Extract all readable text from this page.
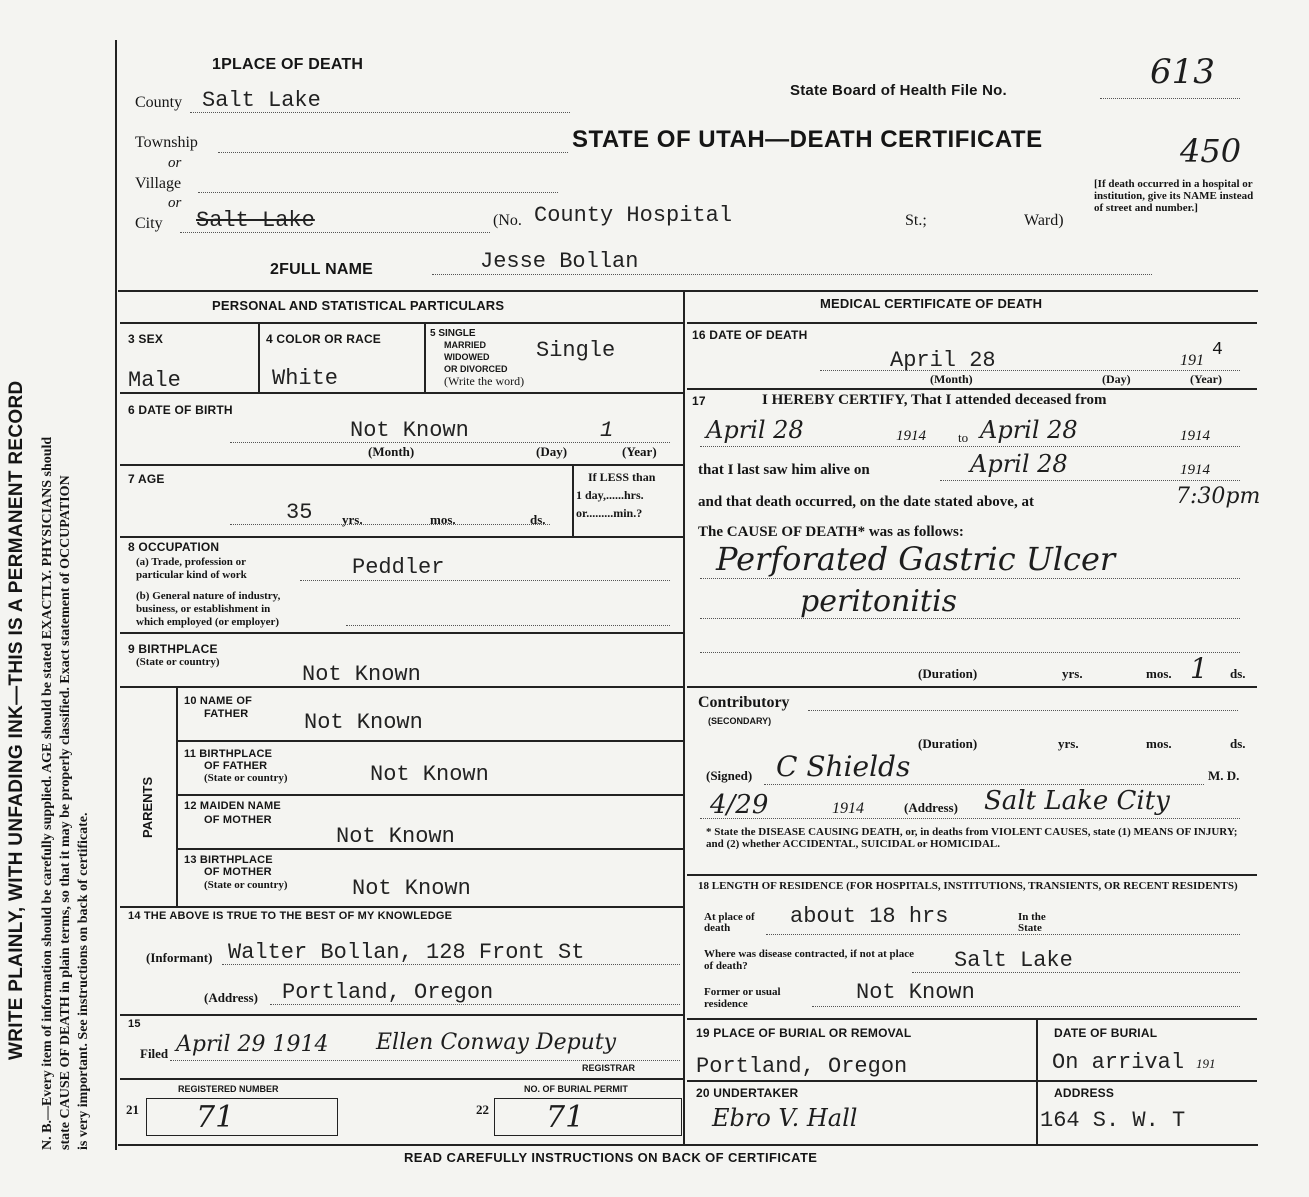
WRITE PLAINLY, WITH UNFADING INK—THIS IS A PERMANENT RECORD N. B.—Every item of information should be carefully supplied. AGE should be stated EXACTLY. PHYSICIANS should state CAUSE OF DEATH in plain terms, so that it may be properly classified. Exact statement of OCCUPATION is very important. See instructions on back of certificate.
1PLACE OF DEATH
State Board of Health File No.	613
STATE OF UTAH—DEATH CERTIFICATE	450
County Salt Lake
Township
or
Village
or
City Salt Lake	(No. County Hospital	St.;	Ward)
[If death occurred in a hospital or institution, give its NAME instead of street and number.]
2FULL NAME	Jesse Bollan
PERSONAL AND STATISTICAL PARTICULARS	MEDICAL CERTIFICATE OF DEATH
3 SEX
Male
4 COLOR OR RACE
White
5 SINGLE
MARRIED
WIDOWED
OR DIVORCED
(Write the word)
Single
6 DATE OF BIRTH
Not Known	1
(Month)	(Day)	(Year)
7 AGE
35 yrs.	mos.	ds.
If LESS than
1 day,......hrs.
or.........min.?
8 OCCUPATION
(a) Trade, profession or
particular kind of work	Peddler
(b) General nature of industry,
business, or establishment in
which employed (or employer)
9 BIRTHPLACE
(State or country)	Not Known
PARENTS
10 NAME OF
FATHER	Not Known
11 BIRTHPLACE
OF FATHER
(State or country)	Not Known
12 MAIDEN NAME
OF MOTHER
Not Known
13 BIRTHPLACE
OF MOTHER
(State or country)	Not Known
14 THE ABOVE IS TRUE TO THE BEST OF MY KNOWLEDGE
(Informant) Walter Bollan, 128 Front St
(Address) Portland, Oregon
15
Filed April 29 1914 Ellen Conway Deputy
REGISTRAR
REGISTERED NUMBER
21 71
NO. OF BURIAL PERMIT
22 71
16 DATE OF DEATH
April 28	191
4
(Month)	(Day)	(Year)
17	I HEREBY CERTIFY, That I attended deceased from
April 28	1914 to April 28	1914
that I last saw him alive on	April 28	1914
and that death occurred, on the date stated above, at	7:30pm
The CAUSE OF DEATH* was as follows:
Perforated Gastric Ulcer
peritonitis
(Duration)	yrs.	mos. 1 ds.
Contributory
(SECONDARY)
(Duration)	yrs.	mos.	ds.
(Signed) C Shields	M. D.
4/29	1914	(Address) Salt Lake City
* State the DISEASE CAUSING DEATH, or, in deaths from VIOLENT CAUSES, state (1) MEANS OF INJURY; and (2) whether ACCIDENTAL, SUICIDAL or HOMICIDAL.
18 LENGTH OF RESIDENCE (FOR HOSPITALS, INSTITUTIONS, TRANSIENTS, OR RECENT RESIDENTS)
At place of death	about 18 hrs	In the State
Where was disease contracted, if not at place of death?	Salt Lake
Former or usual residence	Not Known
19 PLACE OF BURIAL OR REMOVAL
Portland, Oregon
DATE OF BURIAL
On arrival 191
20 UNDERTAKER
Ebro V. Hall
ADDRESS
164 S. W. T
READ CAREFULLY INSTRUCTIONS ON BACK OF CERTIFICATE
